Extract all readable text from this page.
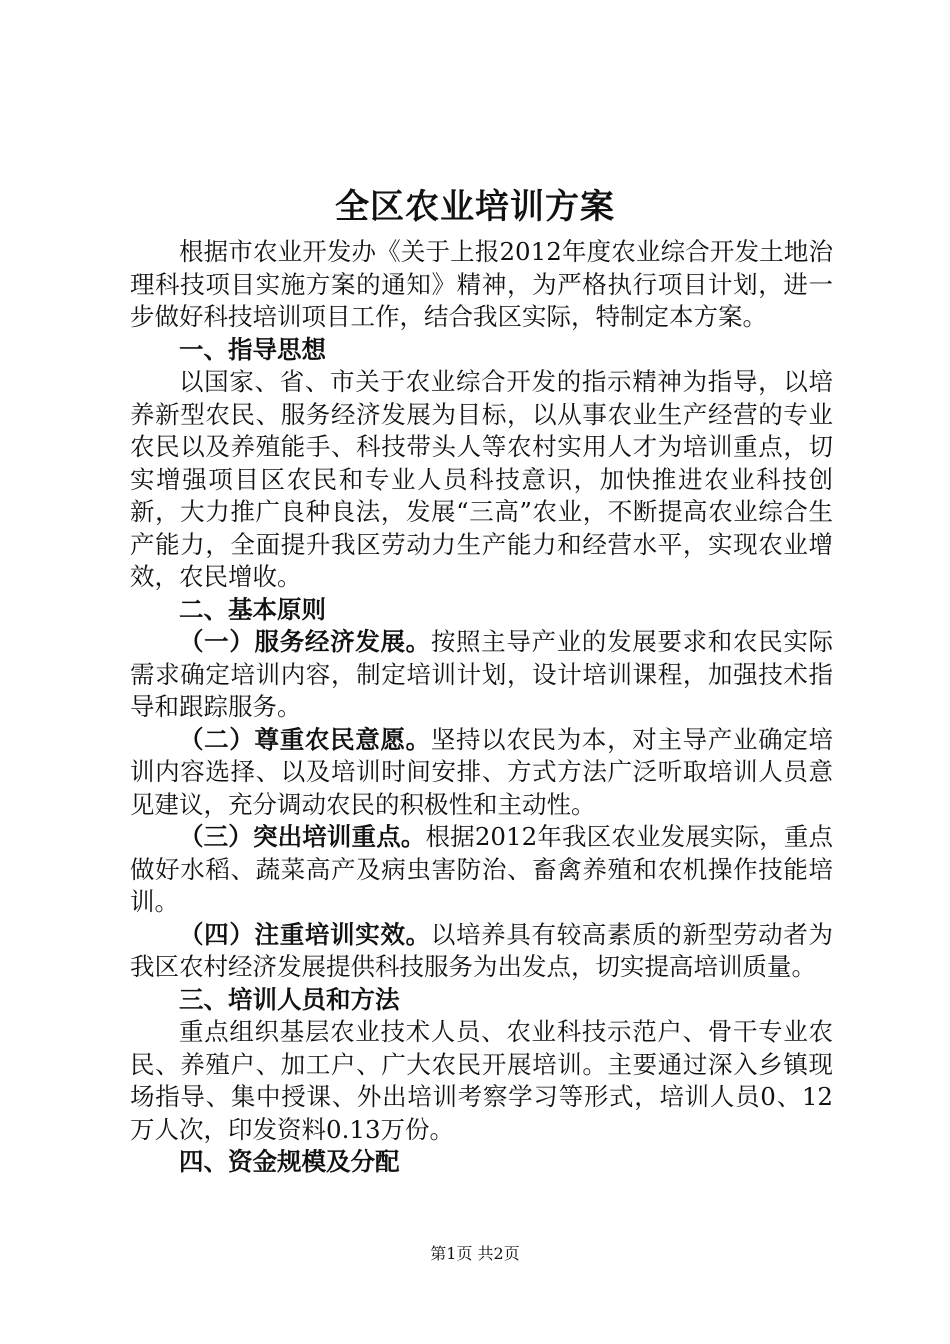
全区农业培训方案

根据市农业开发办《关于上报2012年度农业综合开发土地治理科技项目实施方案的通知》精神，为严格执行项目计划，进一步做好科技培训项目工作，结合我区实际，特制定本方案。

一、指导思想

以国家、省、市关于农业综合开发的指示精神为指导，以培养新型农民、服务经济发展为目标，以从事农业生产经营的专业农民以及养殖能手、科技带头人等农村实用人才为培训重点，切实增强项目区农民和专业人员科技意识，加快推进农业科技创新，大力推广良种良法，发展“三高”农业，不断提高农业综合生产能力，全面提升我区劳动力生产能力和经营水平，实现农业增效，农民增收。

二、基本原则

（一）服务经济发展。按照主导产业的发展要求和农民实际需求确定培训内容，制定培训计划，设计培训课程，加强技术指导和跟踪服务。

（二）尊重农民意愿。坚持以农民为本，对主导产业确定培训内容选择、以及培训时间安排、方式方法广泛听取培训人员意见建议，充分调动农民的积极性和主动性。

（三）突出培训重点。根据2012年我区农业发展实际，重点做好水稻、蔬菜高产及病虫害防治、畜禽养殖和农机操作技能培训。

（四）注重培训实效。以培养具有较高素质的新型劳动者为我区农村经济发展提供科技服务为出发点，切实提高培训质量。

三、培训人员和方法

重点组织基层农业技术人员、农业科技示范户、骨干专业农民、养殖户、加工户、广大农民开展培训。主要通过深入乡镇现场指导、集中授课、外出培训考察学习等形式，培训人员0、12万人次，印发资料0.13万份。

四、资金规模及分配

第1页 共2页
